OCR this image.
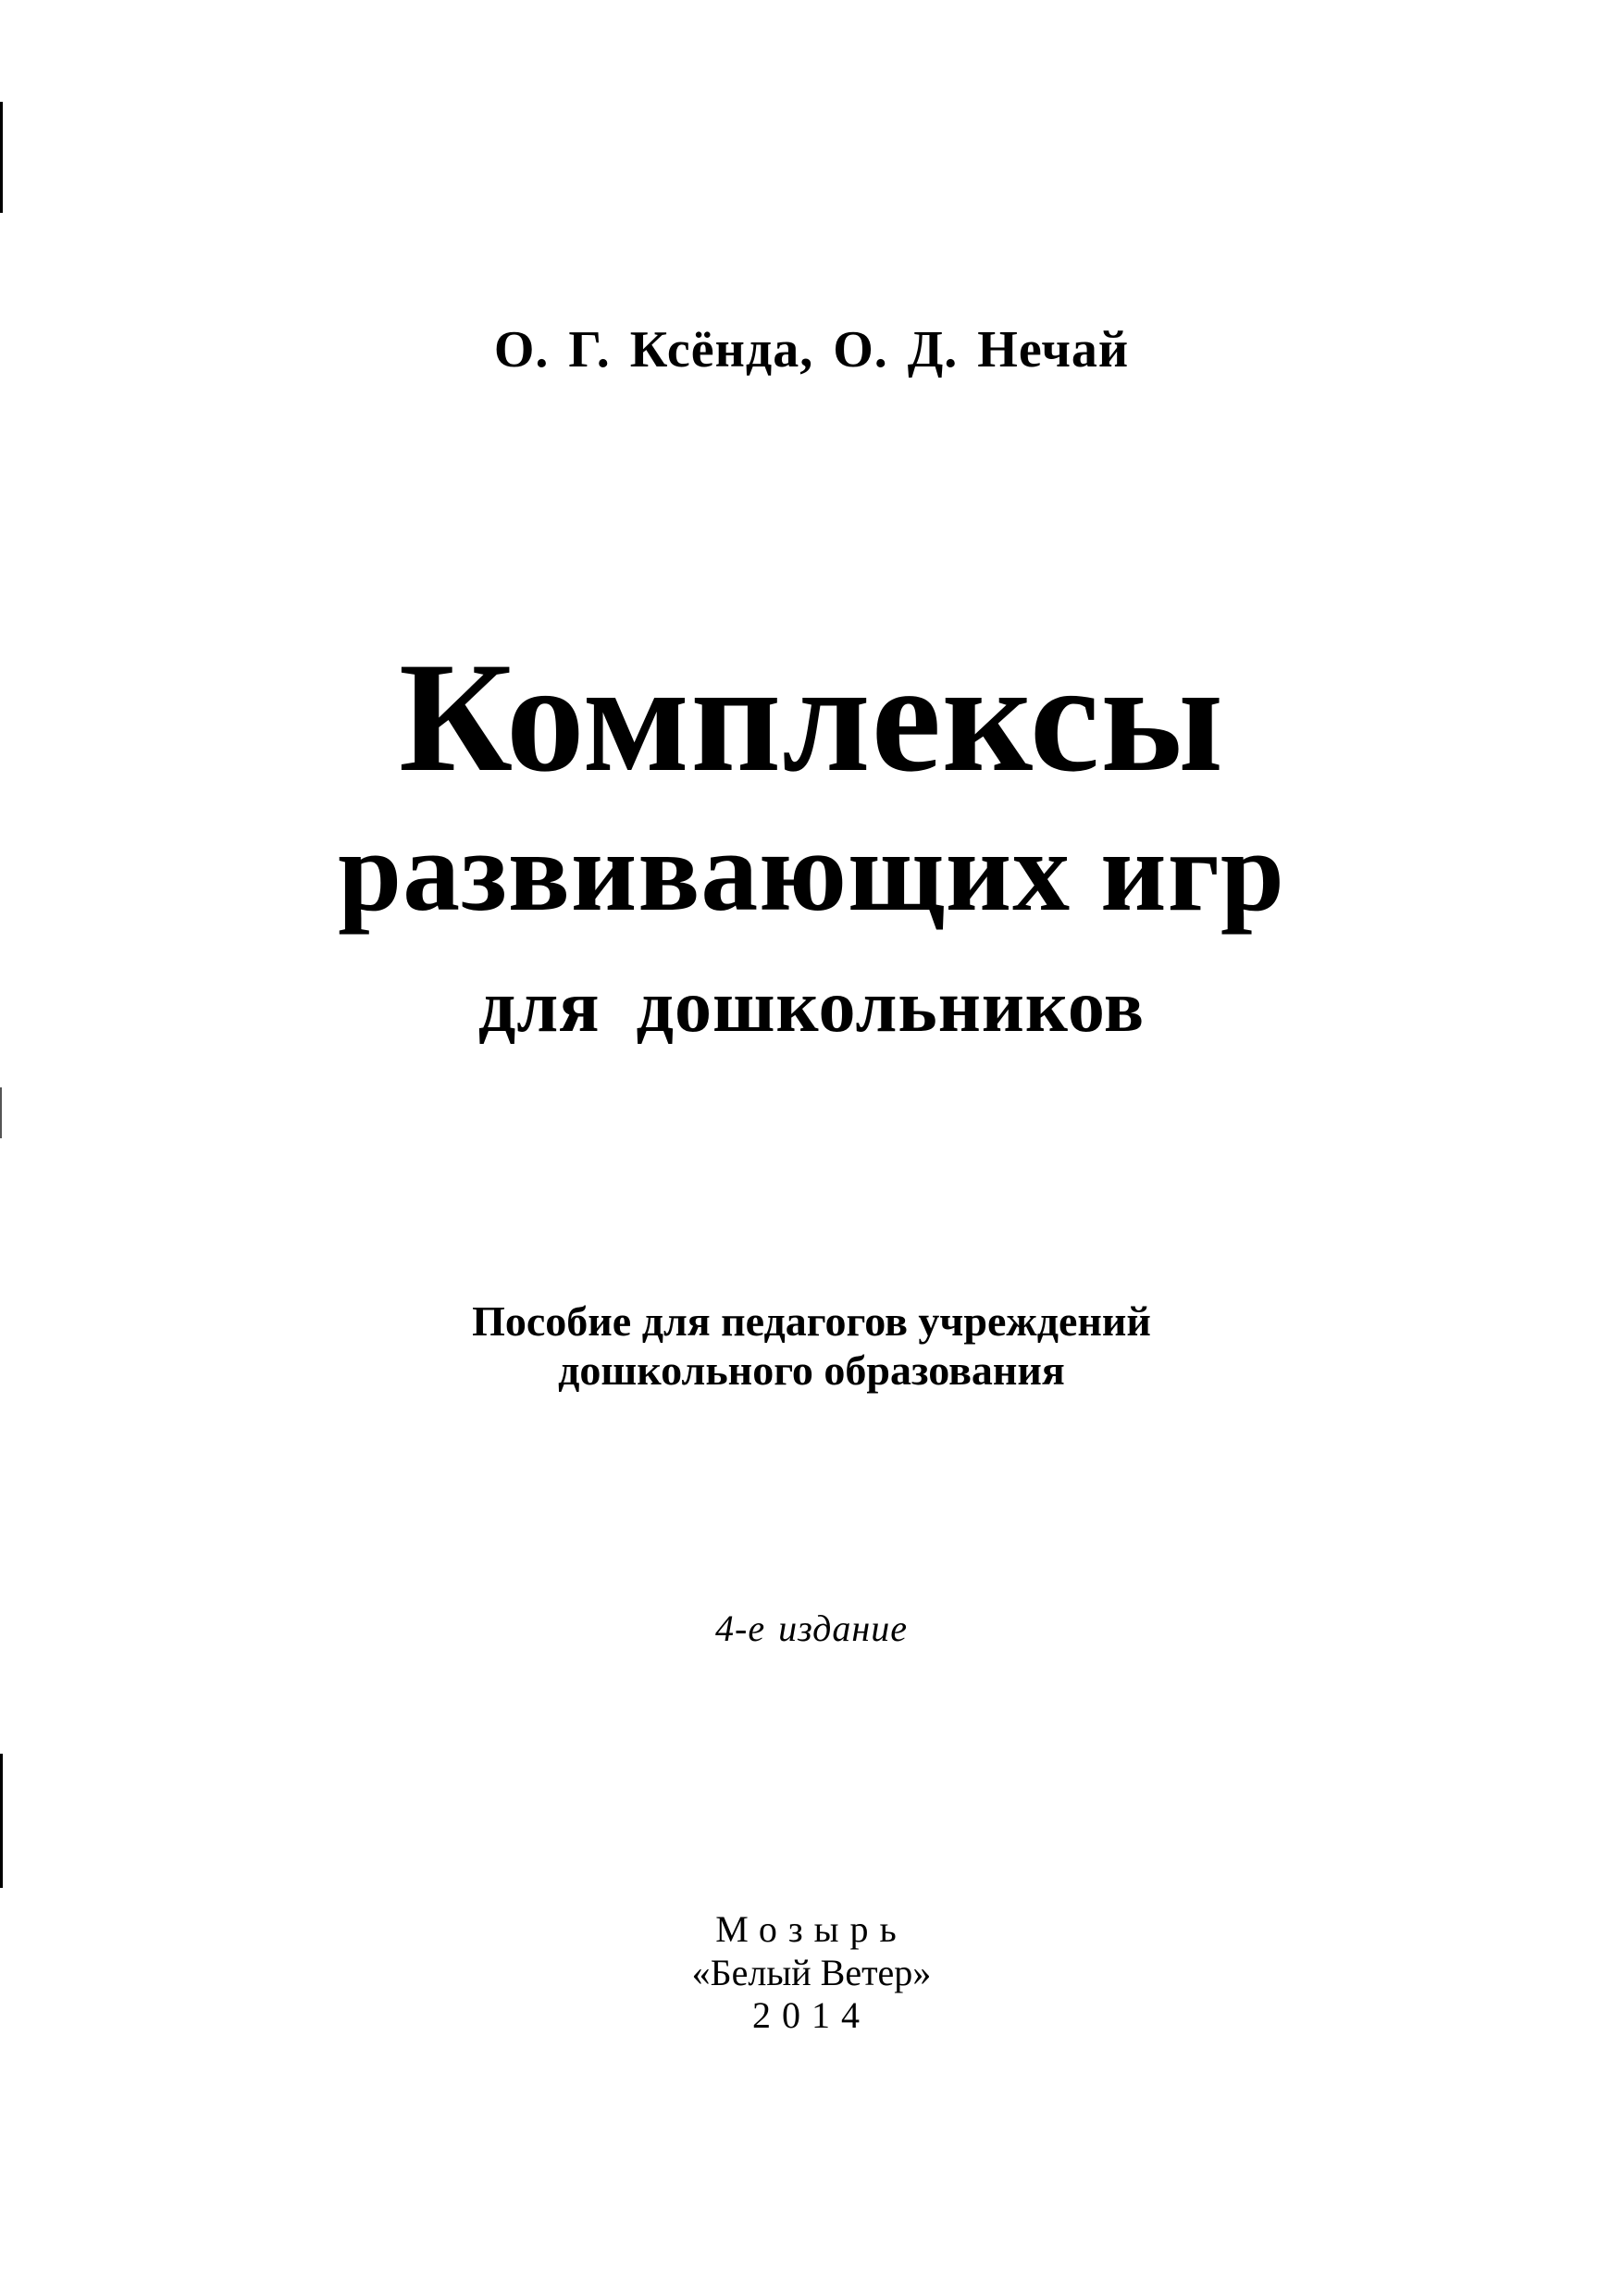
О. Г. Ксёнда, О. Д. Нечай
Комплексы
развивающих игр
для дошкольников
Пособие для педагогов учреждений
дошкольного образования
4-е издание
Мозырь
«Белый Ветер»
2014
